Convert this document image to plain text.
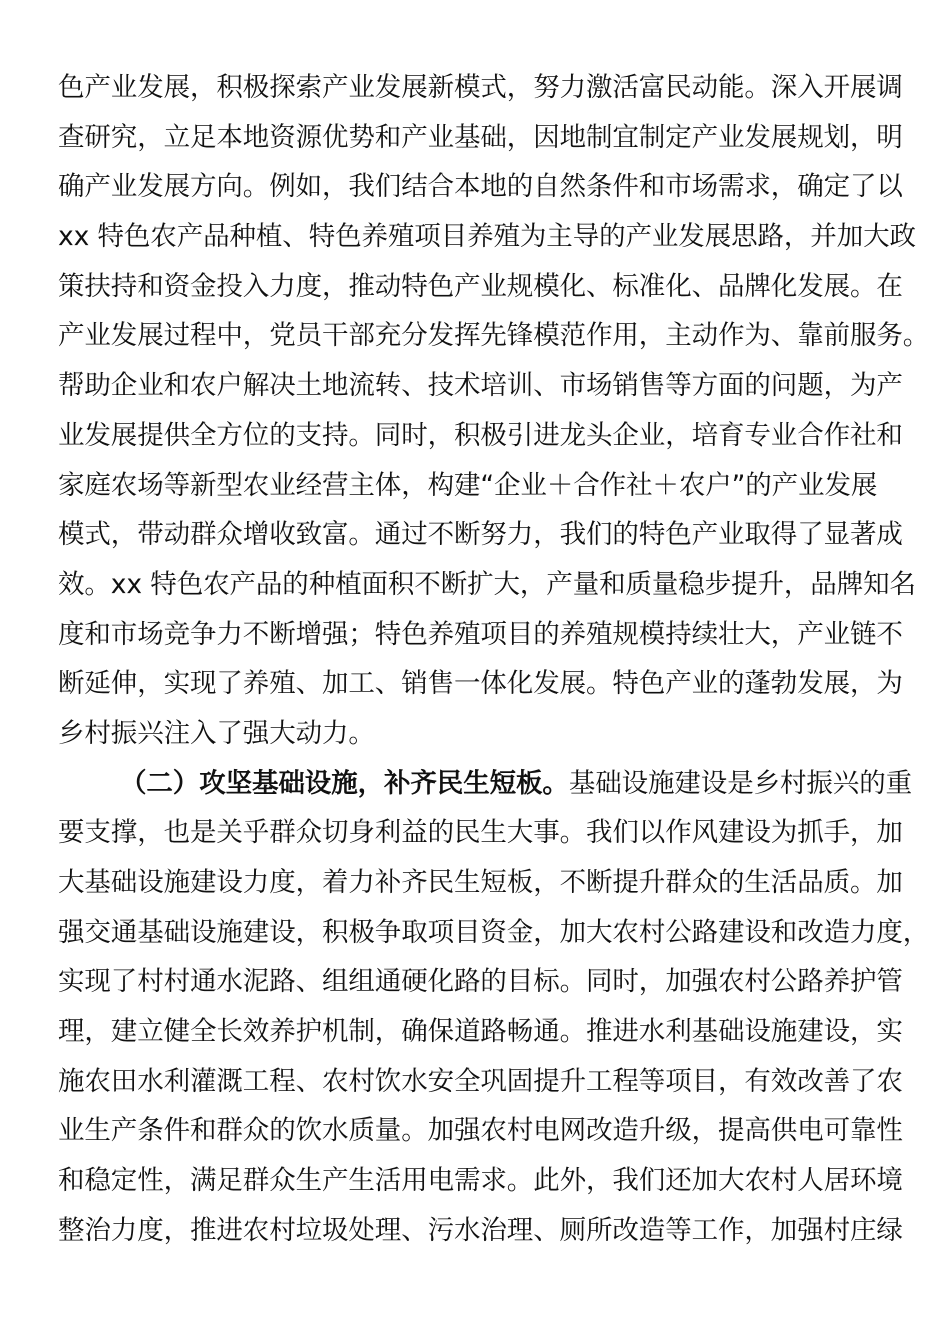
色产业发展，积极探索产业发展新模式，努力激活富民动能。深入开展调
查研究，立足本地资源优势和产业基础，因地制宜制定产业发展规划，明
确产业发展方向。例如，我们结合本地的自然条件和市场需求，确定了以
xx 特色农产品种植、特色养殖项目养殖为主导的产业发展思路，并加大政
策扶持和资金投入力度，推动特色产业规模化、标准化、品牌化发展。在
产业发展过程中，党员干部充分发挥先锋模范作用，主动作为、靠前服务。
帮助企业和农户解决土地流转、技术培训、市场销售等方面的问题，为产
业发展提供全方位的支持。同时，积极引进龙头企业，培育专业合作社和
家庭农场等新型农业经营主体，构建“企业＋合作社＋农户”的产业发展
模式，带动群众增收致富。通过不断努力，我们的特色产业取得了显著成
效。xx 特色农产品的种植面积不断扩大，产量和质量稳步提升，品牌知名
度和市场竞争力不断增强；特色养殖项目的养殖规模持续壮大，产业链不
断延伸，实现了养殖、加工、销售一体化发展。特色产业的蓬勃发展，为
乡村振兴注入了强大动力。
（二）攻坚基础设施，补齐民生短板。基础设施建设是乡村振兴的重
要支撑，也是关乎群众切身利益的民生大事。我们以作风建设为抓手，加
大基础设施建设力度，着力补齐民生短板，不断提升群众的生活品质。加
强交通基础设施建设，积极争取项目资金，加大农村公路建设和改造力度，
实现了村村通水泥路、组组通硬化路的目标。同时，加强农村公路养护管
理，建立健全长效养护机制，确保道路畅通。推进水利基础设施建设，实
施农田水利灌溉工程、农村饮水安全巩固提升工程等项目，有效改善了农
业生产条件和群众的饮水质量。加强农村电网改造升级，提高供电可靠性
和稳定性，满足群众生产生活用电需求。此外，我们还加大农村人居环境
整治力度，推进农村垃圾处理、污水治理、厕所改造等工作，加强村庄绿
